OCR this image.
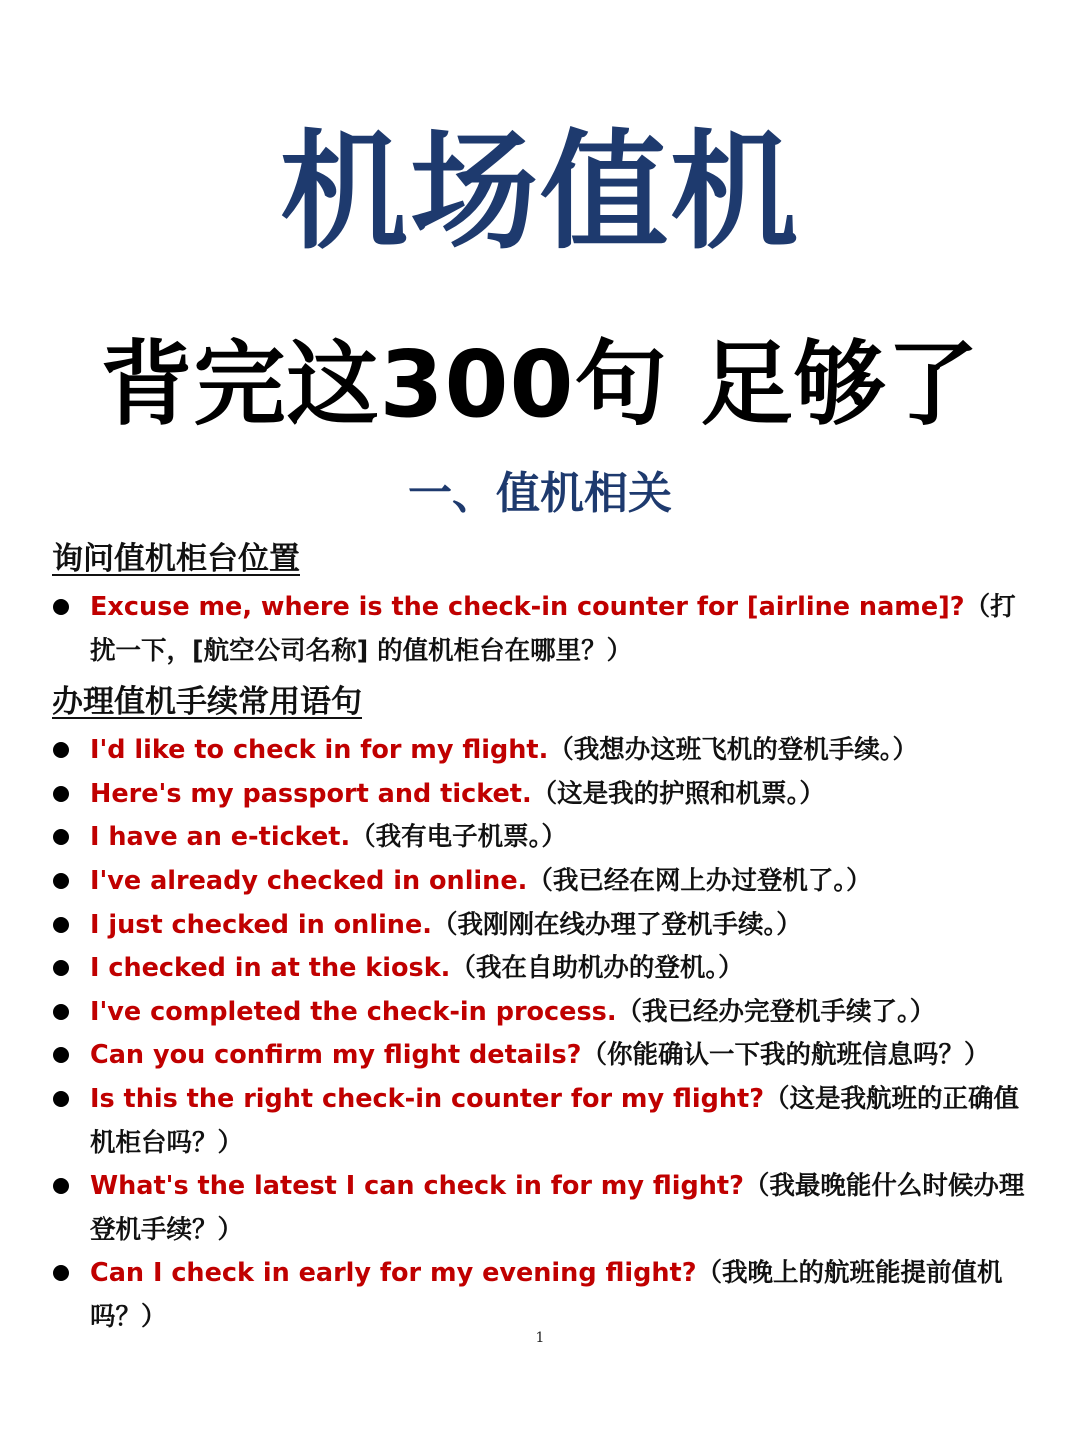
机场值机
背完这300句 足够了
一、值机相关
询问值机柜台位置
Excuse me, where is the check-in counter for [airline name]?（打扰一下，[航空公司名称] 的值机柜台在哪里？）
办理值机手续常用语句
I'd like to check in for my flight.（我想办这班飞机的登机手续。）
Here's my passport and ticket.（这是我的护照和机票。）
I have an e-ticket.（我有电子机票。）
I've already checked in online.（我已经在网上办过登机了。）
I just checked in online.（我刚刚在线办理了登机手续。）
I checked in at the kiosk.（我在自助机办的登机。）
I've completed the check-in process.（我已经办完登机手续了。）
Can you confirm my flight details?（你能确认一下我的航班信息吗？）
Is this the right check-in counter for my flight?（这是我航班的正确值机柜台吗？）
What's the latest I can check in for my flight?（我最晚能什么时候办理登机手续？）
Can I check in early for my evening flight?（我晚上的航班能提前值机吗？）
1
